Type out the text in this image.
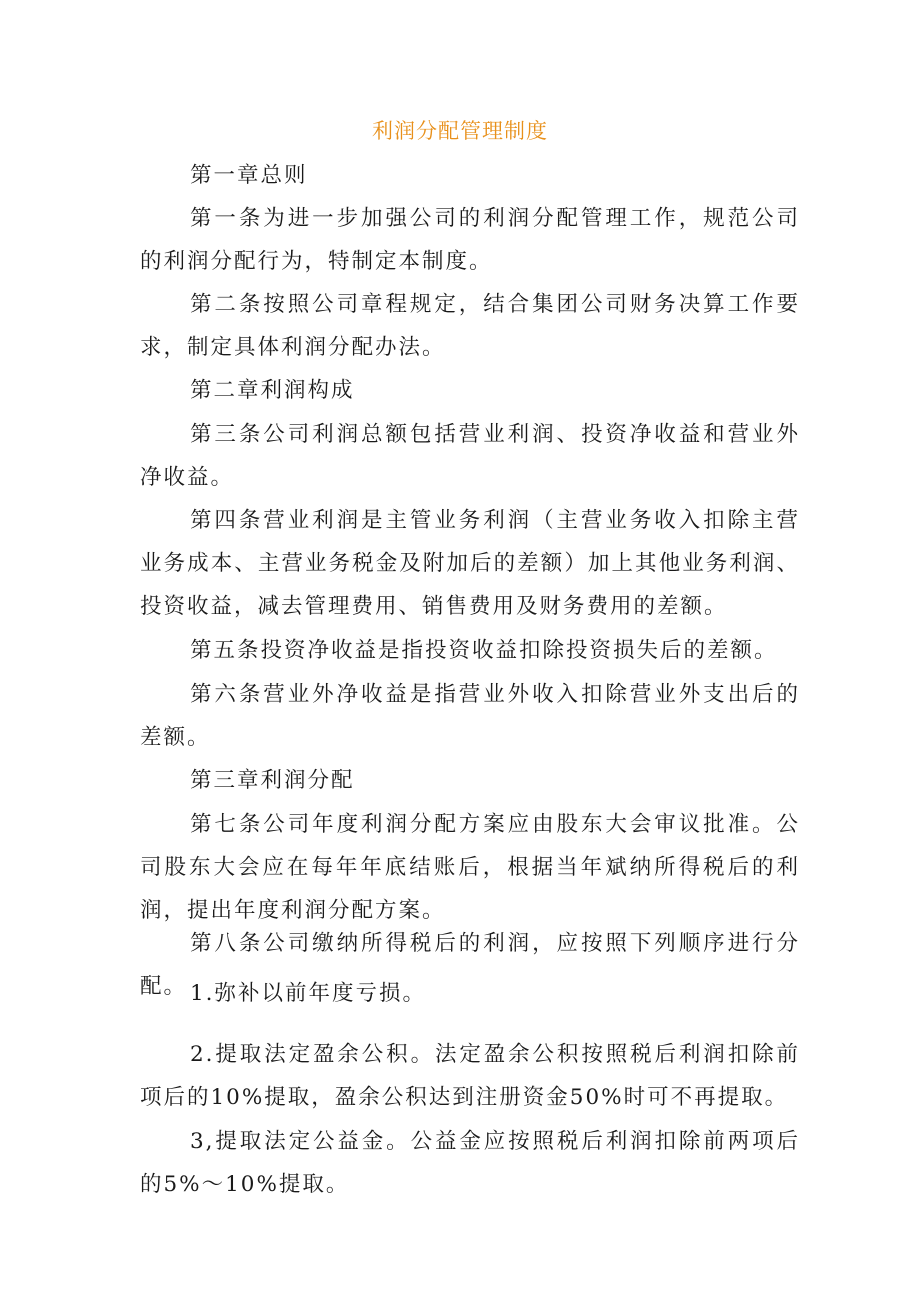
利润分配管理制度

第一章总则

第一条为进一步加强公司的利润分配管理工作，规范公司的利润分配行为，特制定本制度。

第二条按照公司章程规定，结合集团公司财务决算工作要求，制定具体利润分配办法。

第二章利润构成

第三条公司利润总额包括营业利润、投资净收益和营业外净收益。

第四条营业利润是主管业务利润（主营业务收入扣除主营业务成本、主营业务税金及附加后的差额）加上其他业务利润、投资收益，减去管理费用、销售费用及财务费用的差额。

第五条投资净收益是指投资收益扣除投资损失后的差额。

第六条营业外净收益是指营业外收入扣除营业外支出后的差额。

第三章利润分配

第七条公司年度利润分配方案应由股东大会审议批准。公司股东大会应在每年年底结账后，根据当年斌纳所得税后的利润，提出年度利润分配方案。

第八条公司缴纳所得税后的利润，应按照下列顺序进行分配。 1.弥补以前年度亏损。

2.提取法定盈余公积。法定盈余公积按照税后利润扣除前项后的10%提取，盈余公积达到注册资金50%时可不再提取。

3,提取法定公益金。公益金应按照税后利润扣除前两项后的5%～10%提取。
